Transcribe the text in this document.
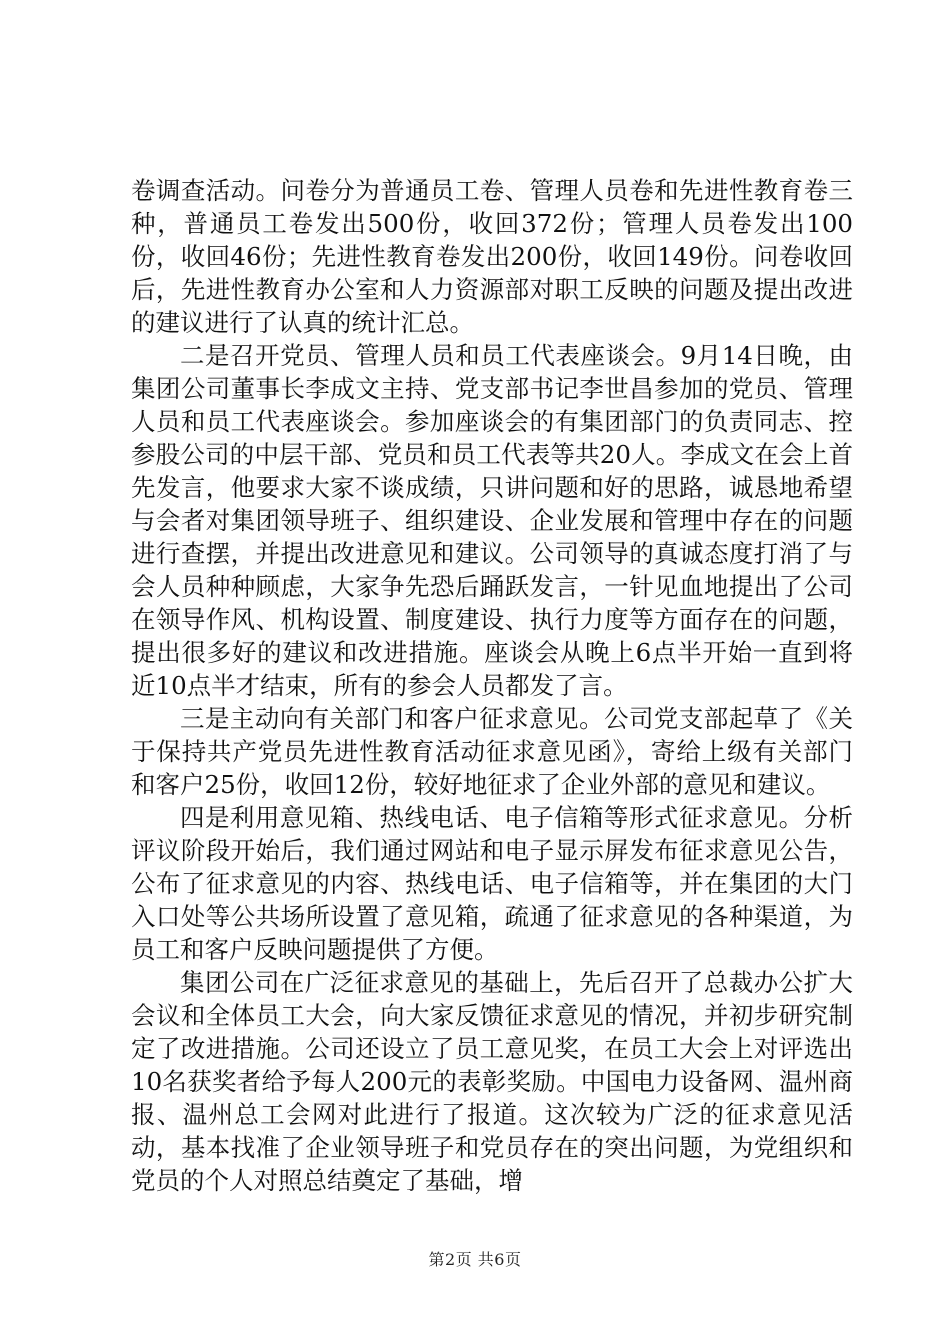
卷调查活动。问卷分为普通员工卷、管理人员卷和先进性教育卷三种，普通员工卷发出500份，收回372份；管理人员卷发出100份，收回46份；先进性教育卷发出200份，收回149份。问卷收回后，先进性教育办公室和人力资源部对职工反映的问题及提出改进的建议进行了认真的统计汇总。

二是召开党员、管理人员和员工代表座谈会。9月14日晚，由集团公司董事长李成文主持、党支部书记李世昌参加的党员、管理人员和员工代表座谈会。参加座谈会的有集团部门的负责同志、控参股公司的中层干部、党员和员工代表等共20人。李成文在会上首先发言，他要求大家不谈成绩，只讲问题和好的思路，诚恳地希望与会者对集团领导班子、组织建设、企业发展和管理中存在的问题进行查摆，并提出改进意见和建议。公司领导的真诚态度打消了与会人员种种顾虑，大家争先恐后踊跃发言，一针见血地提出了公司在领导作风、机构设置、制度建设、执行力度等方面存在的问题，提出很多好的建议和改进措施。座谈会从晚上6点半开始一直到将近10点半才结束，所有的参会人员都发了言。

三是主动向有关部门和客户征求意见。公司党支部起草了《关于保持共产党员先进性教育活动征求意见函》，寄给上级有关部门和客户25份，收回12份，较好地征求了企业外部的意见和建议。

四是利用意见箱、热线电话、电子信箱等形式征求意见。分析评议阶段开始后，我们通过网站和电子显示屏发布征求意见公告，公布了征求意见的内容、热线电话、电子信箱等，并在集团的大门入口处等公共场所设置了意见箱，疏通了征求意见的各种渠道，为员工和客户反映问题提供了方便。

集团公司在广泛征求意见的基础上，先后召开了总裁办公扩大会议和全体员工大会，向大家反馈征求意见的情况，并初步研究制定了改进措施。公司还设立了员工意见奖，在员工大会上对评选出10名获奖者给予每人200元的表彰奖励。中国电力设备网、温州商报、温州总工会网对此进行了报道。这次较为广泛的征求意见活动，基本找准了企业领导班子和党员存在的突出问题，为党组织和党员的个人对照总结奠定了基础，增

第2页 共6页
